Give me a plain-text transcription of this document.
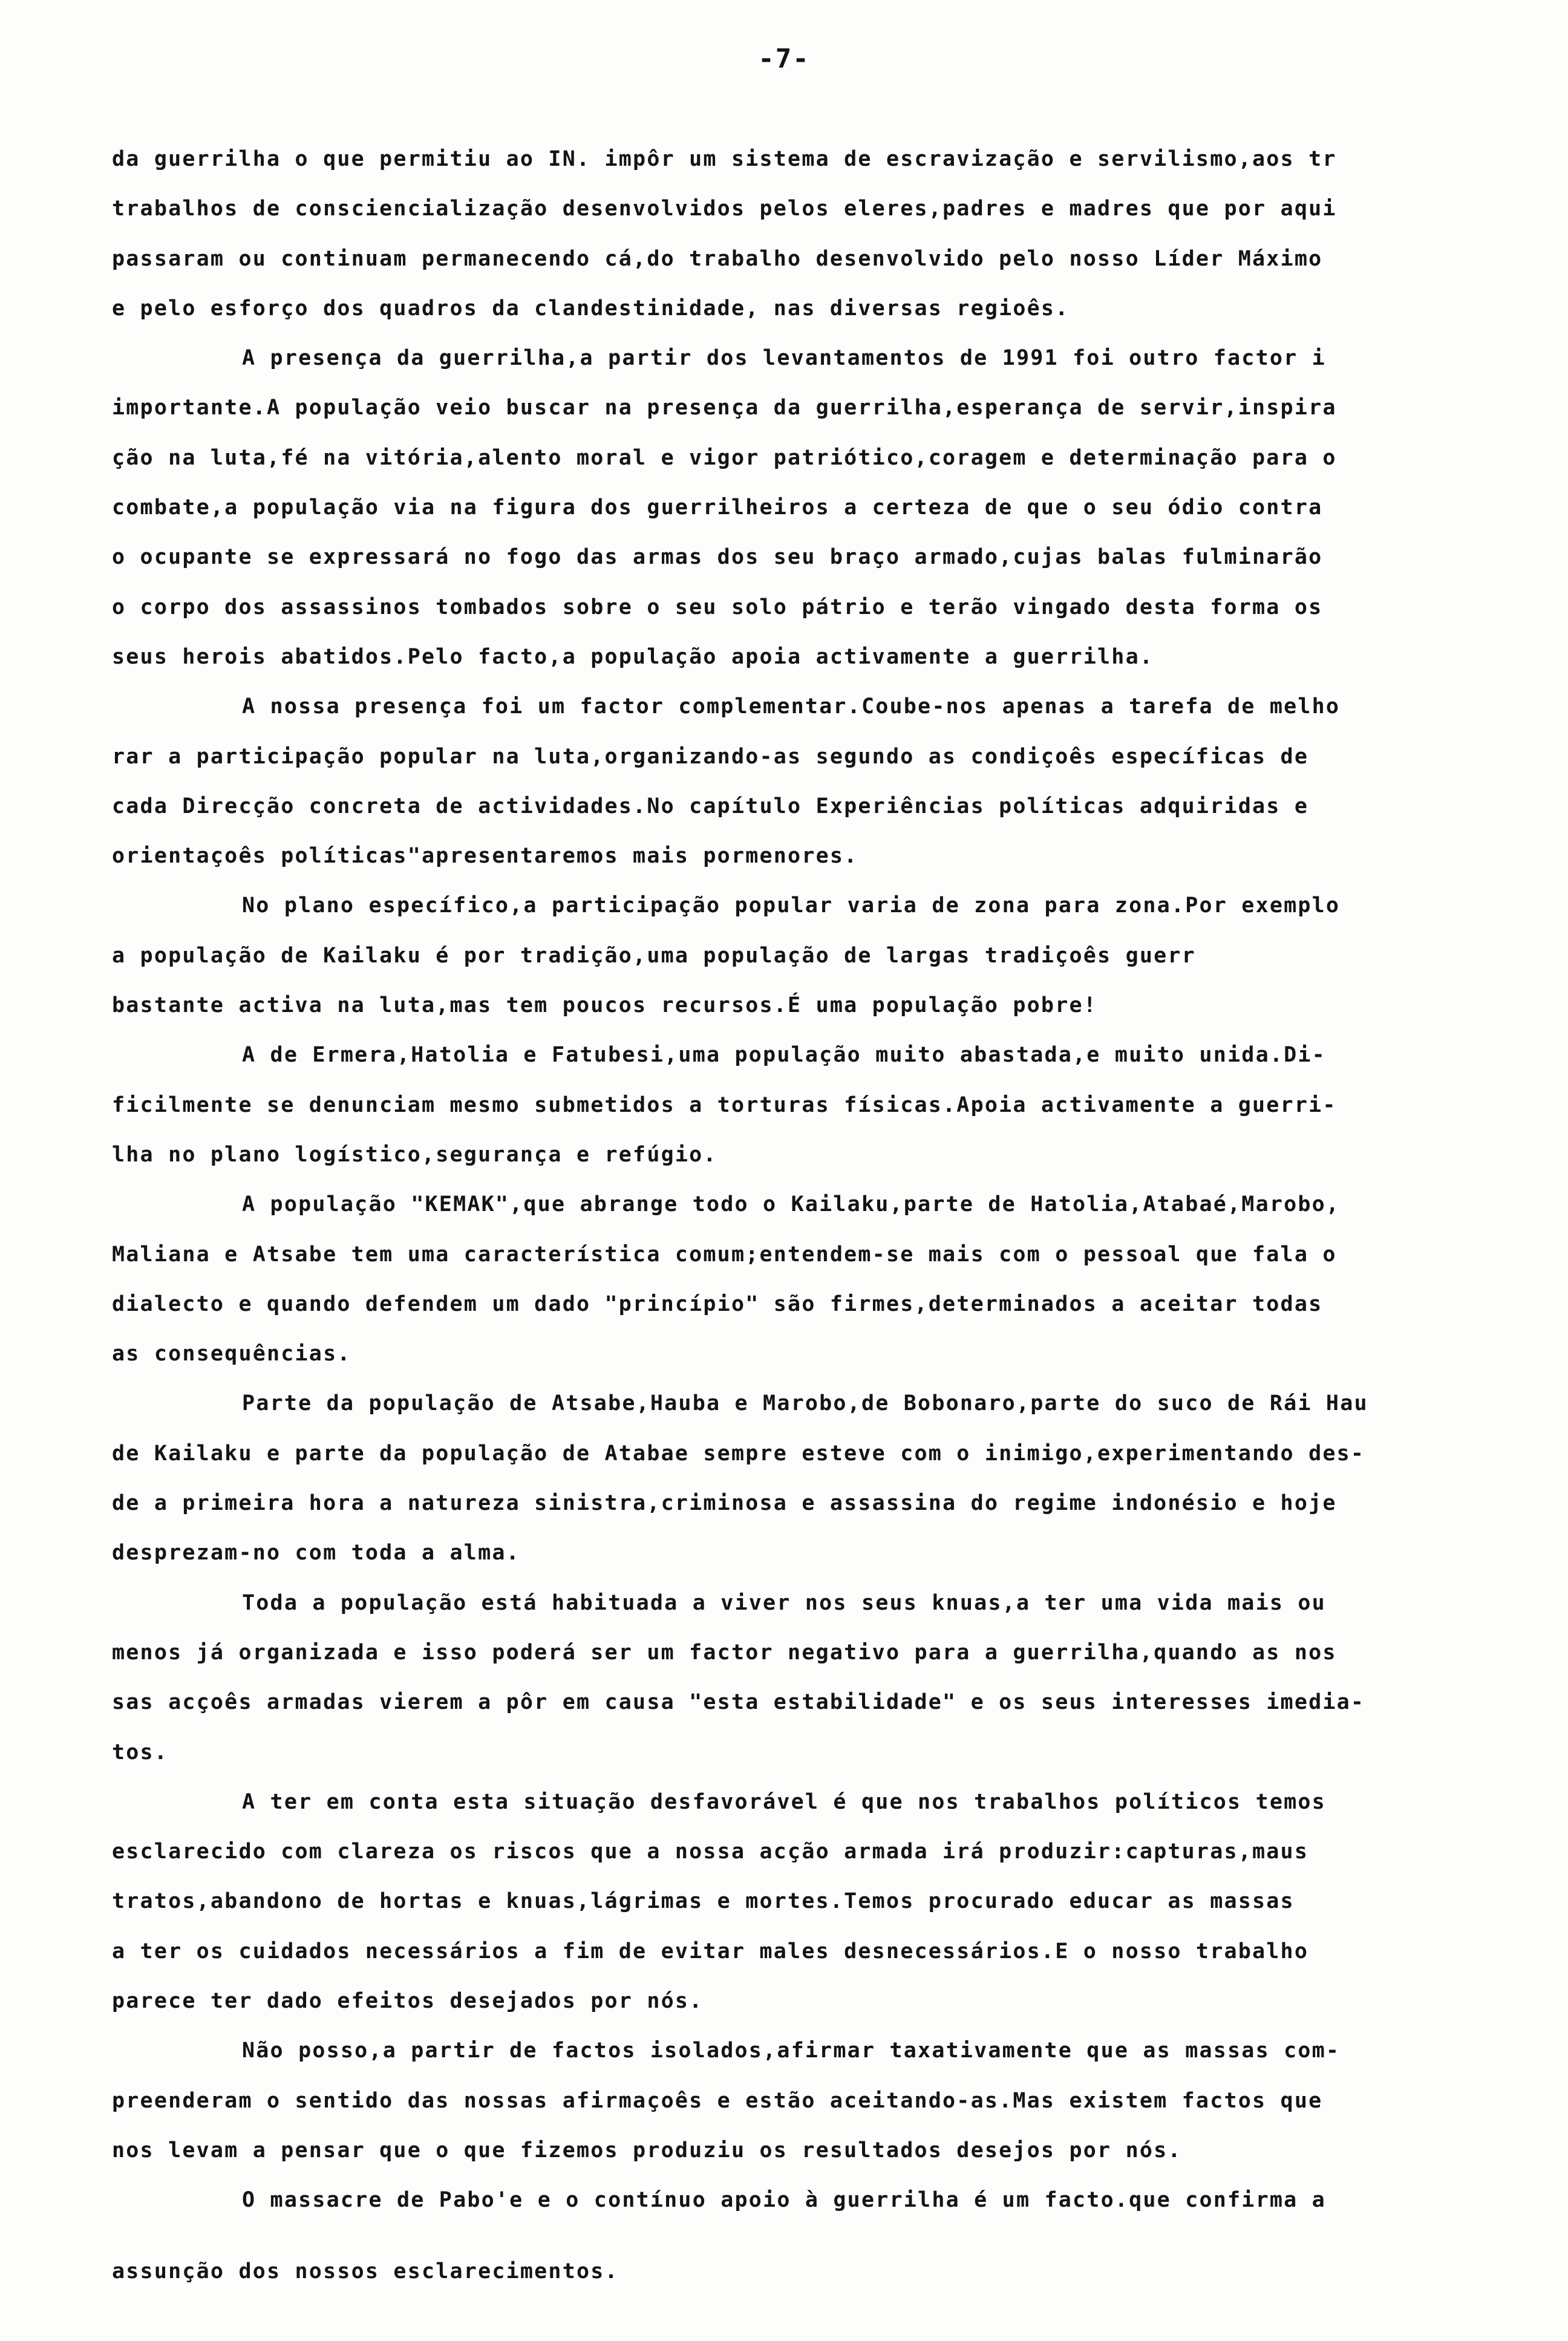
-7-
da guerrilha o que permitiu ao IN. impôr um sistema de escravização e servilismo,aos tr
trabalhos de consciencialização desenvolvidos pelos eleres,padres e madres que por aqui
passaram ou continuam permanecendo cá,do trabalho desenvolvido pelo nosso Líder Máximo
e pelo esforço dos quadros da clandestinidade, nas diversas regioês.
A presença da guerrilha,a partir dos levantamentos de 1991 foi outro factor i
importante.A população veio buscar na presença da guerrilha,esperança de servir,inspira
ção na luta,fé na vitória,alento moral e vigor patriótico,coragem e determinação para o
combate,a população via na figura dos guerrilheiros a certeza de que o seu ódio contra
o ocupante se expressará no fogo das armas dos seu braço armado,cujas balas fulminarão
o corpo dos assassinos tombados sobre o seu solo pátrio e terão vingado desta forma os
seus herois abatidos.Pelo facto,a população apoia activamente a guerrilha.
A nossa presença foi um factor complementar.Coube-nos apenas a tarefa de melho
rar a participação popular na luta,organizando-as segundo as condiçoês específicas de
cada Direcção concreta de actividades.No capítulo Experiências políticas adquiridas e
orientaçoês políticas"apresentaremos mais pormenores.
No plano específico,a participação popular varia de zona para zona.Por exemplo
a população de Kailaku é por tradição,uma população de largas tradiçoês guerr
bastante activa na luta,mas tem poucos recursos.É uma população pobre!
A de Ermera,Hatolia e Fatubesi,uma população muito abastada,e muito unida.Di-
ficilmente se denunciam mesmo submetidos a torturas físicas.Apoia activamente a guerri-
lha no plano logístico,segurança e refúgio.
A população "KEMAK",que abrange todo o Kailaku,parte de Hatolia,Atabaé,Marobo,
Maliana e Atsabe tem uma característica comum;entendem-se mais com o pessoal que fala o
dialecto e quando defendem um dado "princípio" são firmes,determinados a aceitar todas
as consequências.
Parte da população de Atsabe,Hauba e Marobo,de Bobonaro,parte do suco de Rái Hau
de Kailaku e parte da população de Atabae sempre esteve com o inimigo,experimentando des-
de a primeira hora a natureza sinistra,criminosa e assassina do regime indonésio e hoje
desprezam-no com toda a alma.
Toda a população está habituada a viver nos seus knuas,a ter uma vida mais ou
menos já organizada e isso poderá ser um factor negativo para a guerrilha,quando as nos
sas acçoês armadas vierem a pôr em causa "esta estabilidade" e os seus interesses imedia-
tos.
A ter em conta esta situação desfavorável é que nos trabalhos políticos temos
esclarecido com clareza os riscos que a nossa acção armada irá produzir:capturas,maus
tratos,abandono de hortas e knuas,lágrimas e mortes.Temos procurado educar as massas
a ter os cuidados necessários a fim de evitar males desnecessários.E o nosso trabalho
parece ter dado efeitos desejados por nós.
Não posso,a partir de factos isolados,afirmar taxativamente que as massas com-
preenderam o sentido das nossas afirmaçoês e estão aceitando-as.Mas existem factos que
nos levam a pensar que o que fizemos produziu os resultados desejos por nós.
O massacre de Pabo'e e o contínuo apoio à guerrilha é um facto.que confirma a
assunção dos nossos esclarecimentos.
